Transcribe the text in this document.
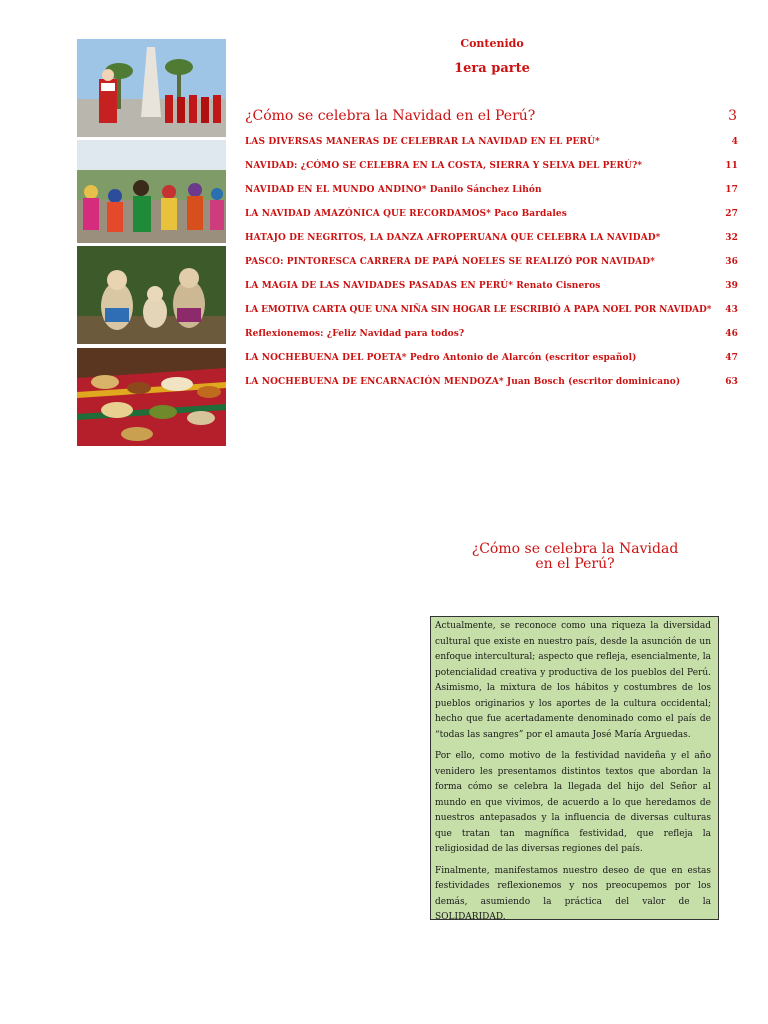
Contenido
1era parte
¿Cómo se celebra la Navidad en el Perú?	3
LAS DIVERSAS MANERAS DE CELEBRAR LA NAVIDAD EN EL PERÚ*	4
NAVIDAD: ¿CÓMO SE CELEBRA EN LA COSTA, SIERRA Y SELVA DEL PERÚ?*	11
NAVIDAD EN EL MUNDO ANDINO* Danilo Sánchez Lihón	17
LA NAVIDAD AMAZÓNICA QUE RECORDAMOS* Paco Bardales	27
HATAJO DE NEGRITOS, LA DANZA AFROPERUANA QUE CELEBRA LA NAVIDAD*	32
PASCO: PINTORESCA CARRERA DE PAPÁ NOELES SE REALIZÓ POR NAVIDAD*	36
LA MAGIA DE LAS NAVIDADES PASADAS EN PERÚ* Renato Cisneros	39
LA EMOTIVA CARTA QUE UNA NIÑA SIN HOGAR LE ESCRIBIÓ A PAPA NOEL POR NAVIDAD* 43
Reflexionemos: ¿Feliz Navidad para todos?	46
LA NOCHEBUENA DEL POETA* Pedro Antonio de Alarcón (escritor español)	47
LA NOCHEBUENA DE ENCARNACIÓN MENDOZA* Juan Bosch (escritor dominicano)	63
¿Cómo se celebra la Navidad
en el Perú?

Actualmente, se reconoce como una riqueza la diversidad cultural que existe en nuestro país, desde la asunción de un enfoque intercultural; aspecto que refleja, esencialmente, la potencialidad creativa y productiva de los pueblos del Perú. Asimismo, la mixtura de los hábitos y costumbres de los pueblos originarios y los aportes de la cultura occidental; hecho que fue acertadamente denominado como el país de “todas las sangres” por el amauta José María Arguedas.

Por ello, como motivo de la festividad navideña y el año venidero les presentamos distintos textos que abordan la forma cómo se celebra la llegada del hijo del Señor al mundo en que vivimos, de acuerdo a lo que heredamos de nuestros antepasados y la influencia de diversas culturas que tratan tan magnífica festividad, que refleja la religiosidad de las diversas regiones del país.

Finalmente, manifestamos nuestro deseo de que en estas festividades reflexionemos y nos preocupemos por los demás, asumiendo la práctica del valor de la SOLIDARIDAD.
